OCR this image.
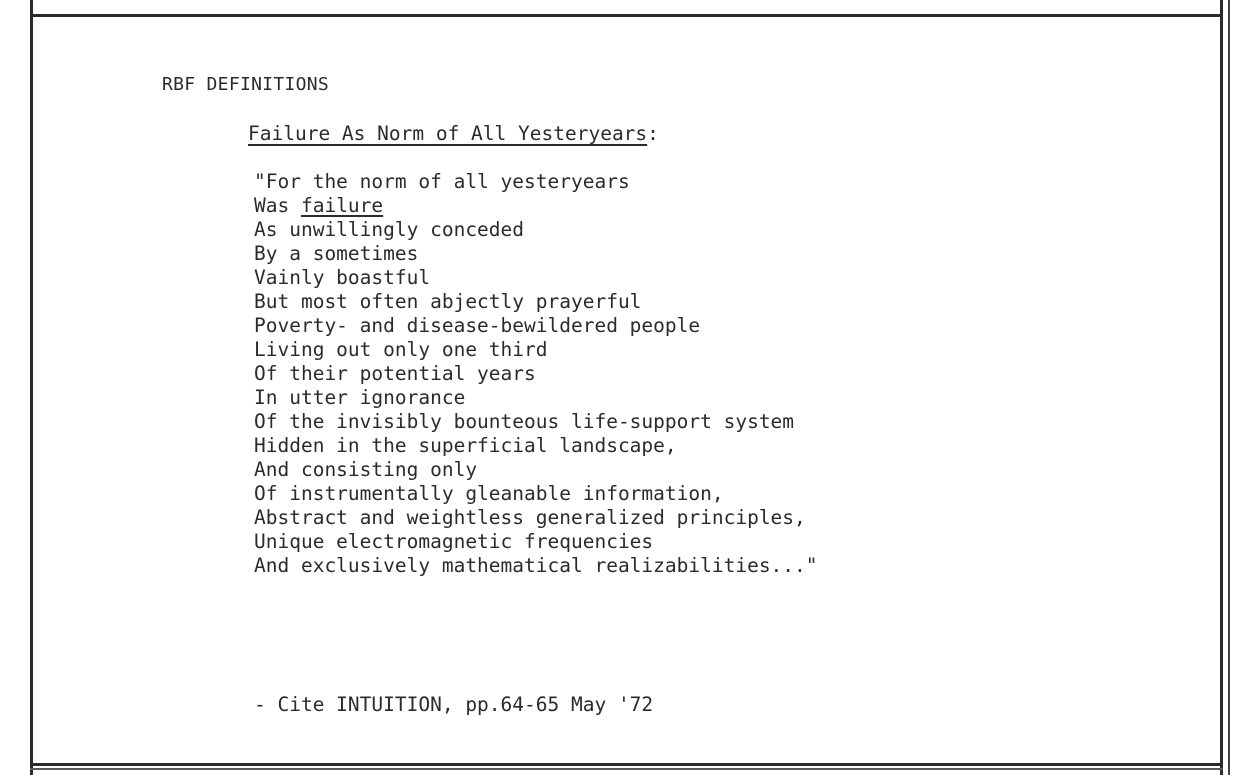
RBF DEFINITIONS

Failure As Norm of All Yesteryears:

"For the norm of all yesteryears
Was failure
As unwillingly conceded
By a sometimes
Vainly boastful
But most often abjectly prayerful
Poverty- and disease-bewildered people
Living out only one third
Of their potential years
In utter ignorance
Of the invisibly bounteous life-support system
Hidden in the superficial landscape,
And consisting only
Of instrumentally gleanable information,
Abstract and weightless generalized principles,
Unique electromagnetic frequencies
And exclusively mathematical realizabilities..."

- Cite INTUITION, pp.64-65 May '72
